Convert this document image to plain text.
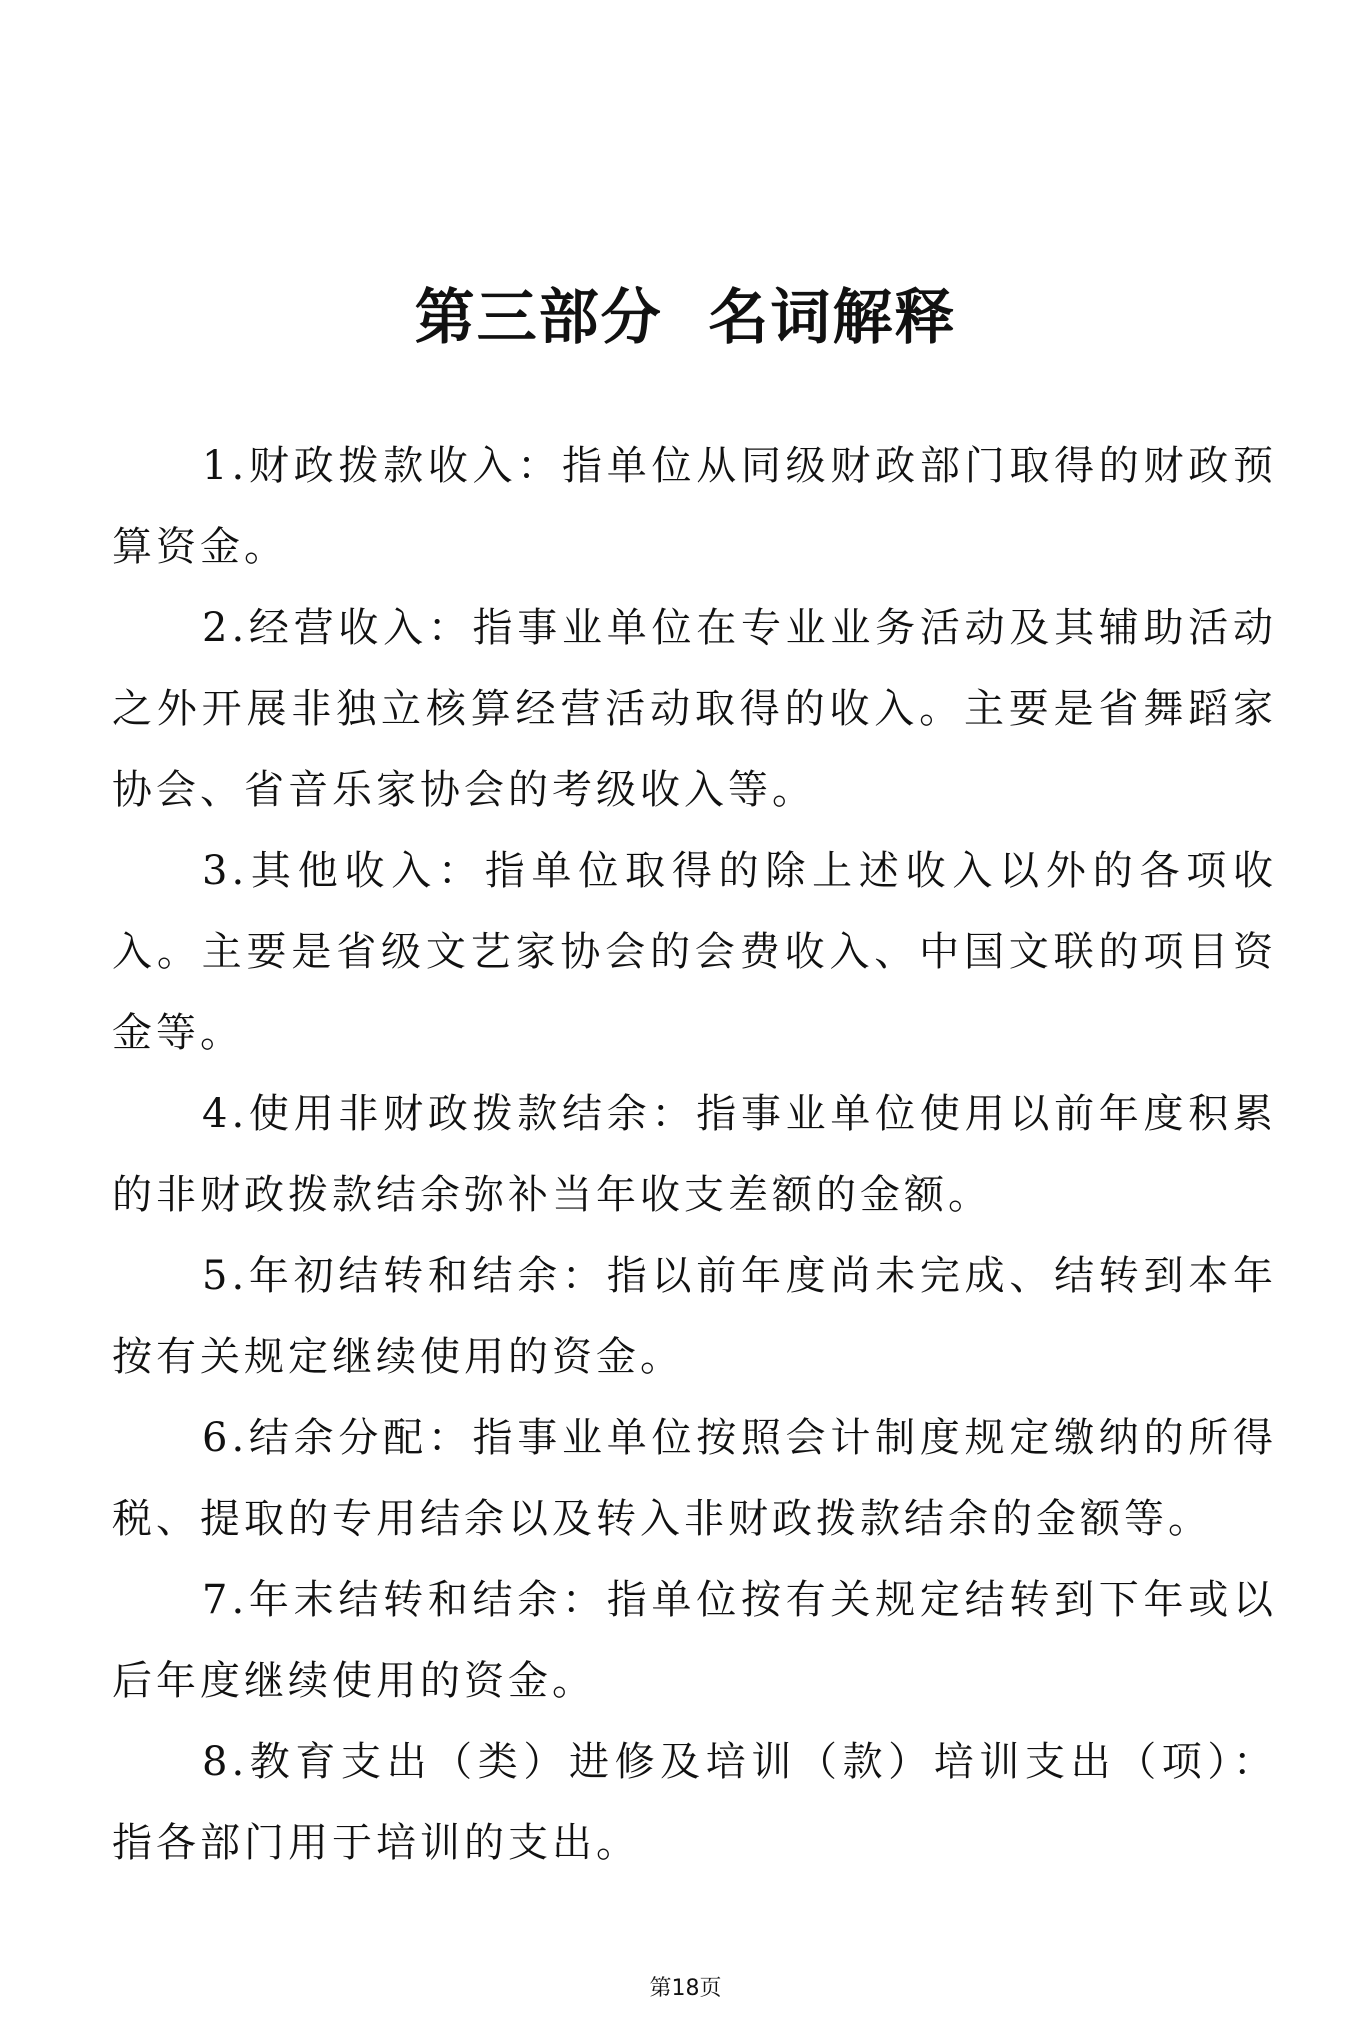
第三部分  名词解释

1.财政拨款收入：指单位从同级财政部门取得的财政预算资金。

2.经营收入：指事业单位在专业业务活动及其辅助活动之外开展非独立核算经营活动取得的收入。主要是省舞蹈家协会、省音乐家协会的考级收入等。

3.其他收入：指单位取得的除上述收入以外的各项收入。主要是省级文艺家协会的会费收入、中国文联的项目资金等。

4.使用非财政拨款结余：指事业单位使用以前年度积累的非财政拨款结余弥补当年收支差额的金额。

5.年初结转和结余：指以前年度尚未完成、结转到本年按有关规定继续使用的资金。

6.结余分配：指事业单位按照会计制度规定缴纳的所得税、提取的专用结余以及转入非财政拨款结余的金额等。

7.年末结转和结余：指单位按有关规定结转到下年或以后年度继续使用的资金。

8.教育支出（类）进修及培训（款）培训支出（项）：指各部门用于培训的支出。

第18页
